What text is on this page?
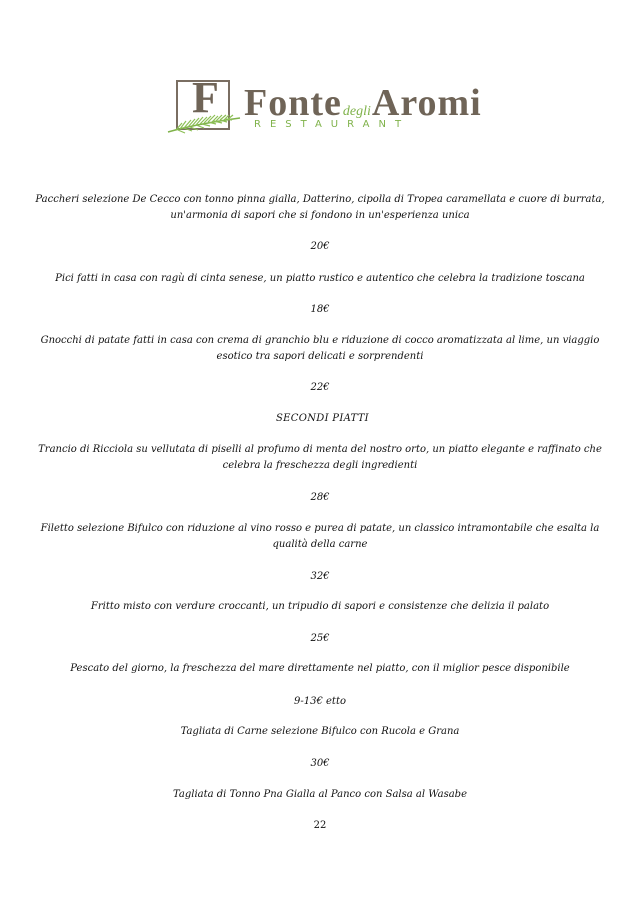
F FontedegliAromi
RESTAURANT
Paccheri selezione De Cecco con tonno pinna gialla, Datterino, cipolla di Tropea caramellata e cuore di burrata,
un'armonia di sapori che si fondono in un'esperienza unica
20€
Pici fatti in casa con ragù di cinta senese, un piatto rustico e autentico che celebra la tradizione toscana
18€
Gnocchi di patate fatti in casa con crema di granchio blu e riduzione di cocco aromatizzata al lime, un viaggio
esotico tra sapori delicati e sorprendenti
22€
SECONDI PIATTI
Trancio di Ricciola su vellutata di piselli al profumo di menta del nostro orto, un piatto elegante e raffinato che
celebra la freschezza degli ingredienti
28€
Filetto selezione Bifulco con riduzione al vino rosso e purea di patate, un classico intramontabile che esalta la
qualità della carne
32€
Fritto misto con verdure croccanti, un tripudio di sapori e consistenze che delizia il palato
25€
Pescato del giorno, la freschezza del mare direttamente nel piatto, con il miglior pesce disponibile
9-13€ etto
Tagliata di Carne selezione Bifulco con Rucola e Grana
30€
Tagliata di Tonno Pna Gialla al Panco con Salsa al Wasabe
22
